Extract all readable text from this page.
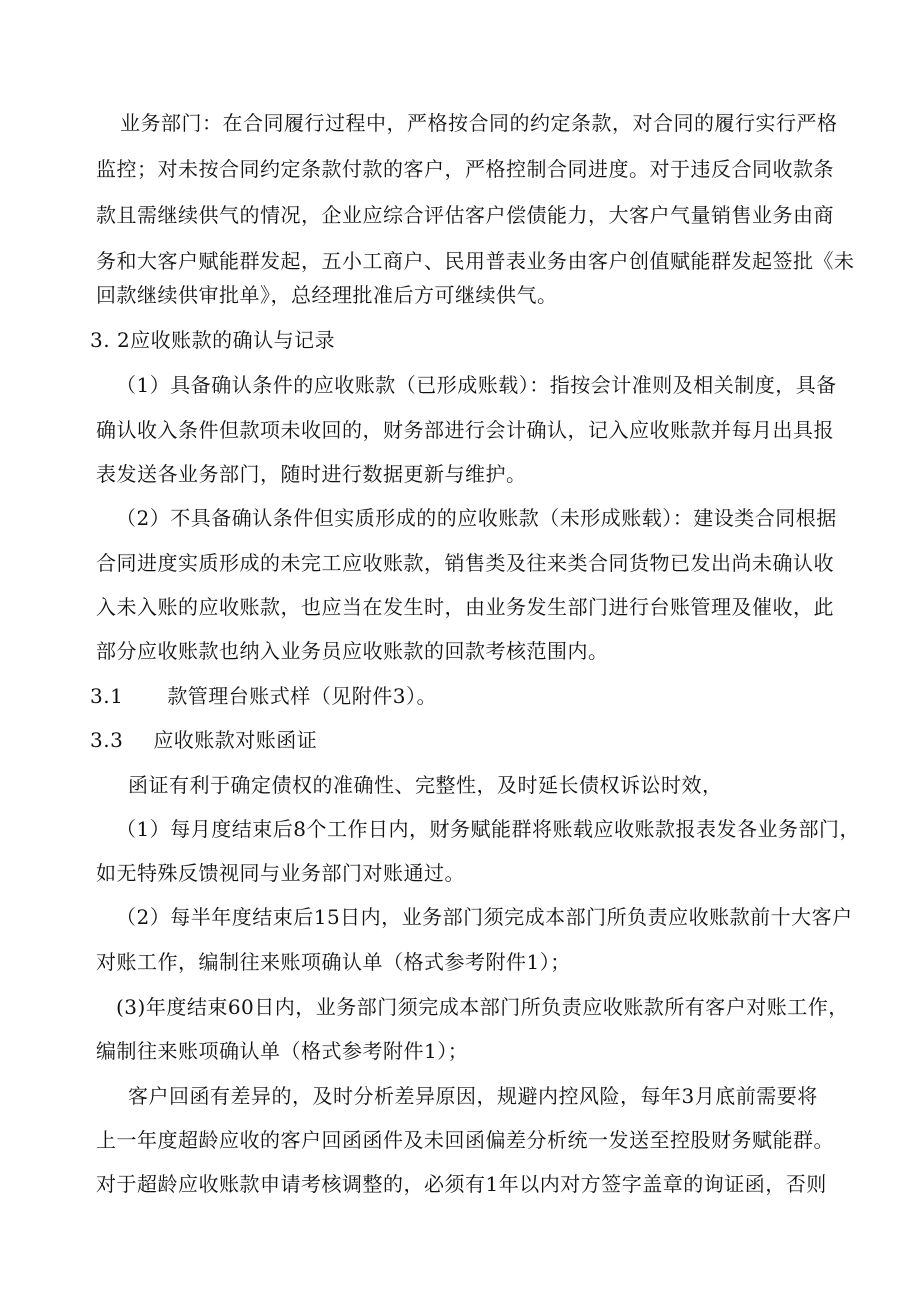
业务部门：在合同履行过程中，严格按合同的约定条款，对合同的履行实行严格
监控；对未按合同约定条款付款的客户，严格控制合同进度。对于违反合同收款条
款且需继续供气的情况，企业应综合评估客户偿债能力，大客户气量销售业务由商
务和大客户赋能群发起，五小工商户、民用普表业务由客户创值赋能群发起签批《未
回款继续供审批单》，总经理批准后方可继续供气。
3. 2应收账款的确认与记录
（1）具备确认条件的应收账款（已形成账载）：指按会计准则及相关制度，具备
确认收入条件但款项未收回的，财务部进行会计确认，记入应收账款并每月出具报
表发送各业务部门，随时进行数据更新与维护。
（2）不具备确认条件但实质形成的的应收账款（未形成账载）：建设类合同根据
合同进度实质形成的未完工应收账款，销售类及往来类合同货物已发出尚未确认收
入未入账的应收账款，也应当在发生时，由业务发生部门进行台账管理及催收，此
部分应收账款也纳入业务员应收账款的回款考核范围内。
3.1 款管理台账式样（见附件3）。
3.3 应收账款对账函证
函证有利于确定债权的准确性、完整性，及时延长债权诉讼时效，
（1）每月度结束后8个工作日内，财务赋能群将账载应收账款报表发各业务部门，
如无特殊反馈视同与业务部门对账通过。
（2）每半年度结束后15日内，业务部门须完成本部门所负责应收账款前十大客户
对账工作，编制往来账项确认单（格式参考附件1）；
(3)年度结束60日内，业务部门须完成本部门所负责应收账款所有客户对账工作，
编制往来账项确认单（格式参考附件1）；
客户回函有差异的，及时分析差异原因，规避内控风险，每年3月底前需要将
上一年度超龄应收的客户回函函件及未回函偏差分析统一发送至控股财务赋能群。
对于超龄应收账款申请考核调整的，必须有1年以内对方签字盖章的询证函，否则
